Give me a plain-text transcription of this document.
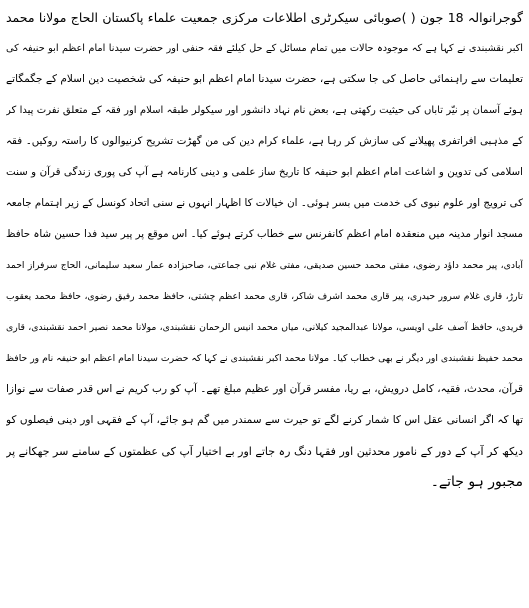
گوجرانوالہ 18 جون ( )صوبائی سیکرٹری اطلاعات مرکزی جمعیت علماء پاکستان الحاج مولانا محمد
اکبر نقشبندی نے کہا ہے کہ موجودہ حالات میں تمام مسائل کے حل کیلئے فقہ حنفی اور حضرت سیدنا امام اعظم ابو حنیفہ کی
تعلیمات سے راہنمائی حاصل کی جا سکتی ہے، حضرت سیدنا امام اعظم ابو حنیفہ کی شخصیت دین اسلام کے جگمگاتے
ہوئے آسمان پر نیّر تاباں کی حیثیت رکھتی ہے، بعض نام نہاد دانشور اور سیکولر طبقہ اسلام اور فقہ کے متعلق نفرت پیدا کر
کے مذہبی افراتفری پھیلانے کی سازش کر رہا ہے، علماء کرام دین کی من گھڑت تشریح کرنیوالوں کا راستہ روکیں۔ فقہ
اسلامی کی تدوین و اشاعت امام اعظم ابو حنیفہ کا تاریخ ساز علمی و دینی کارنامہ ہے آپ کی پوری زندگی قرآن و سنت
کی ترویج اور علوم نبوی کی خدمت میں بسر ہوئی۔ ان خیالات کا اظہار انہوں نے سنی اتحاد کونسل کے زیر اہتمام جامعہ
مسجد انوار مدینہ میں منعقدہ امام اعظم کانفرنس سے خطاب کرتے ہوئے کیا۔ اس موقع پر پیر سید فدا حسین شاہ حافظ
آبادی، پیر محمد داؤد رضوی، مفتی محمد حسین صدیقی، مفتی غلام نبی جماعتی، صاحبزادہ عمار سعید سلیمانی، الحاج سرفراز احمد
تارڑ، قاری غلام سرور حیدری، پیر قاری محمد اشرف شاکر، قاری محمد اعظم چشتی، حافظ محمد رفیق رضوی، حافظ محمد یعقوب
فریدی، حافظ آصف علی اویسی، مولانا عبدالمجید کیلانی، میاں محمد انیس الرحمان نقشبندی، مولانا محمد نصیر احمد نقشبندی، قاری
محمد حفیظ نقشبندی اور دیگر نے بھی خطاب کیا۔ مولانا محمد اکبر نقشبندی نے کہا کہ حضرت سیدنا امام اعظم ابو حنیفہ نام ور حافظ
قرآن، محدث، فقیہ، کامل درویش، بے ریا، مفسر قرآن اور عظیم مبلغ تھے۔ آپ کو رب کریم نے اس قدر صفات سے نوازا
تھا کہ اگر انسانی عقل اس کا شمار کرنے لگے تو حیرت سے سمندر میں گم ہو جائے، آپ کے فقہی اور دینی فیصلوں کو
دیکھ کر آپ کے دور کے نامور محدثین اور فقہا دنگ رہ جاتے اور بے اختیار آپ کی عظمتوں کے سامنے سر جھکانے پر
مجبور ہو جاتے۔
